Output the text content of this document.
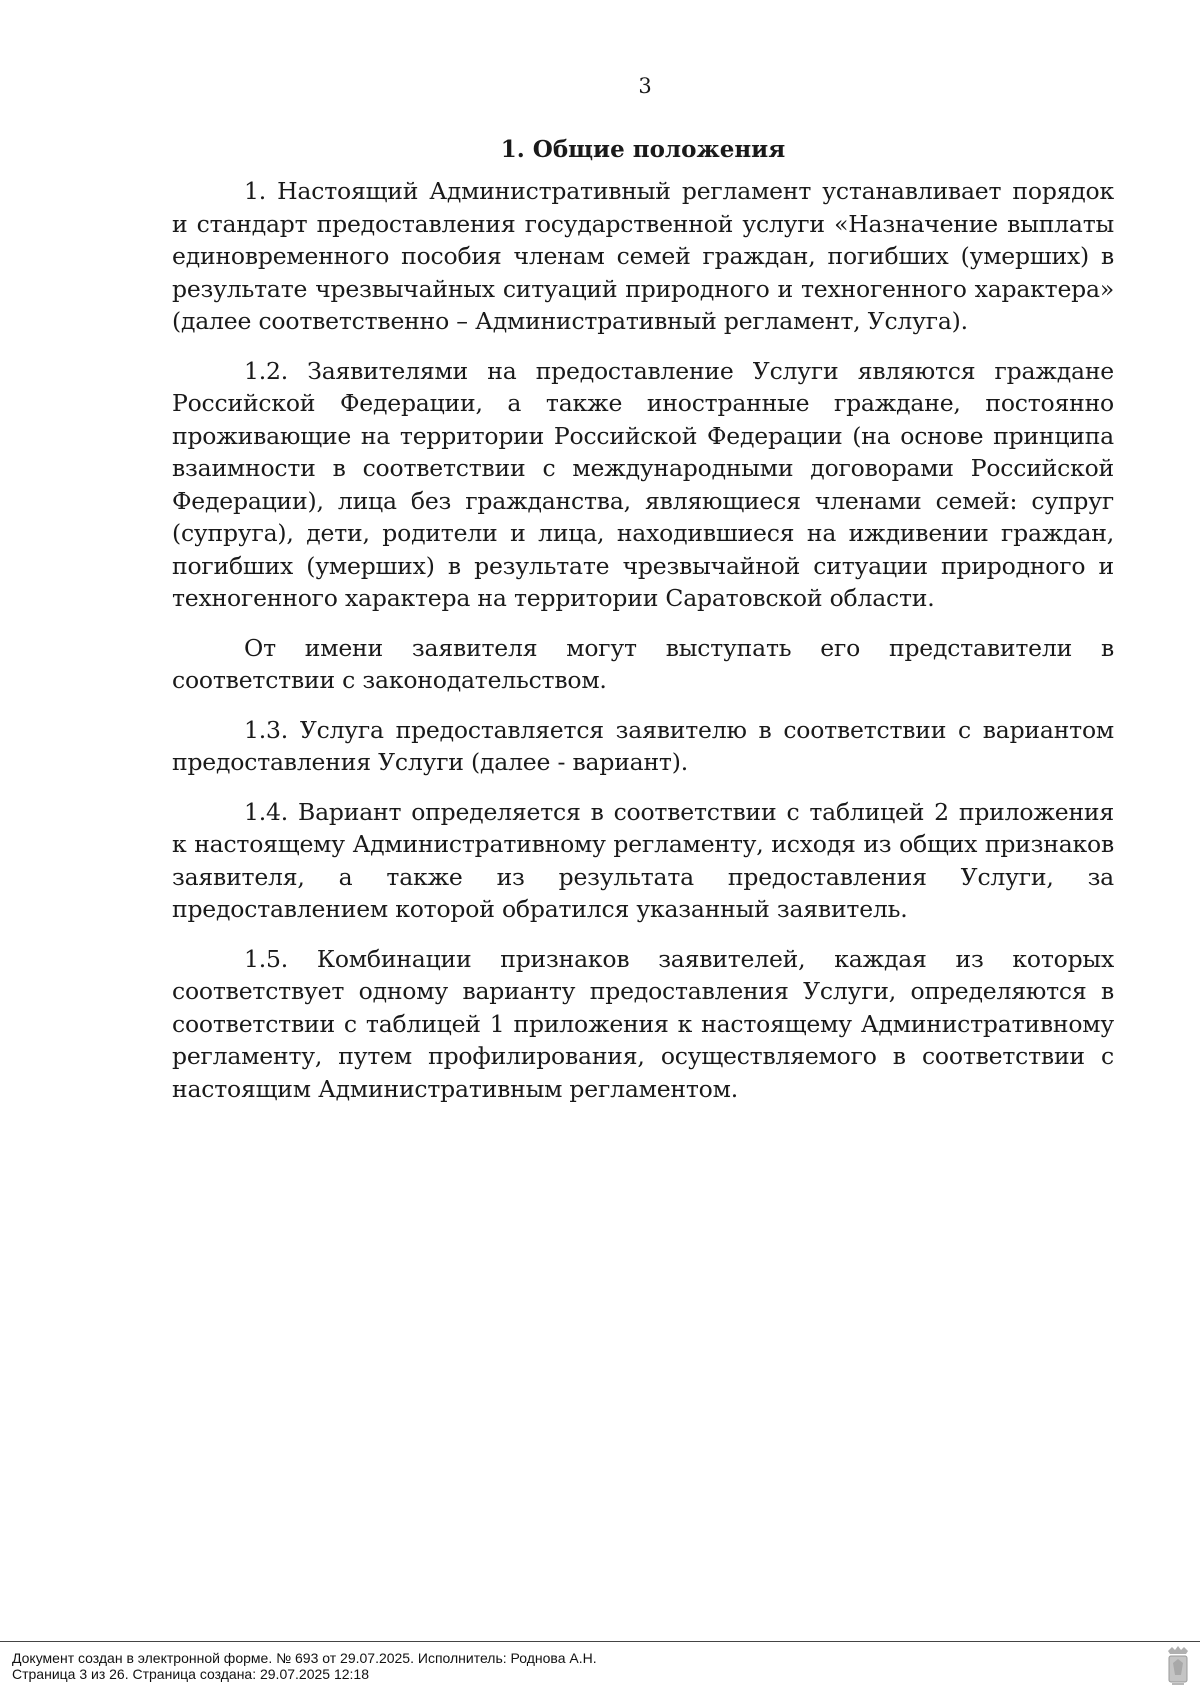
3
1. Общие положения

1. Настоящий Административный регламент устанавливает порядок и стандарт предоставления государственной услуги «Назначение выплаты единовременного пособия членам семей граждан, погибших (умерших) в результате чрезвычайных ситуаций природного и техногенного характера» (далее соответственно – Административный регламент, Услуга).

1.2. Заявителями на предоставление Услуги являются граждане Российской Федерации, а также иностранные граждане, постоянно проживающие на территории Российской Федерации (на основе принципа взаимности в соответствии с международными договорами Российской Федерации), лица без гражданства, являющиеся членами семей: супруг (супруга), дети, родители и лица, находившиеся на иждивении граждан, погибших (умерших) в результате чрезвычайной ситуации природного и техногенного характера на территории Саратовской области.

От имени заявителя могут выступать его представители в соответствии с законодательством.

1.3. Услуга предоставляется заявителю в соответствии с вариантом предоставления Услуги (далее - вариант).

1.4. Вариант определяется в соответствии с таблицей 2 приложения к настоящему Административному регламенту, исходя из общих признаков заявителя, а также из результата предоставления Услуги, за предоставлением которой обратился указанный заявитель.

1.5. Комбинации признаков заявителей, каждая из которых соответствует одному варианту предоставления Услуги, определяются в соответствии с таблицей 1 приложения к настоящему Административному регламенту, путем профилирования, осуществляемого в соответствии с настоящим Административным регламентом.

Документ создан в электронной форме. № 693 от 29.07.2025. Исполнитель: Роднова А.Н.
Страница 3 из 26. Страница создана: 29.07.2025 12:18
